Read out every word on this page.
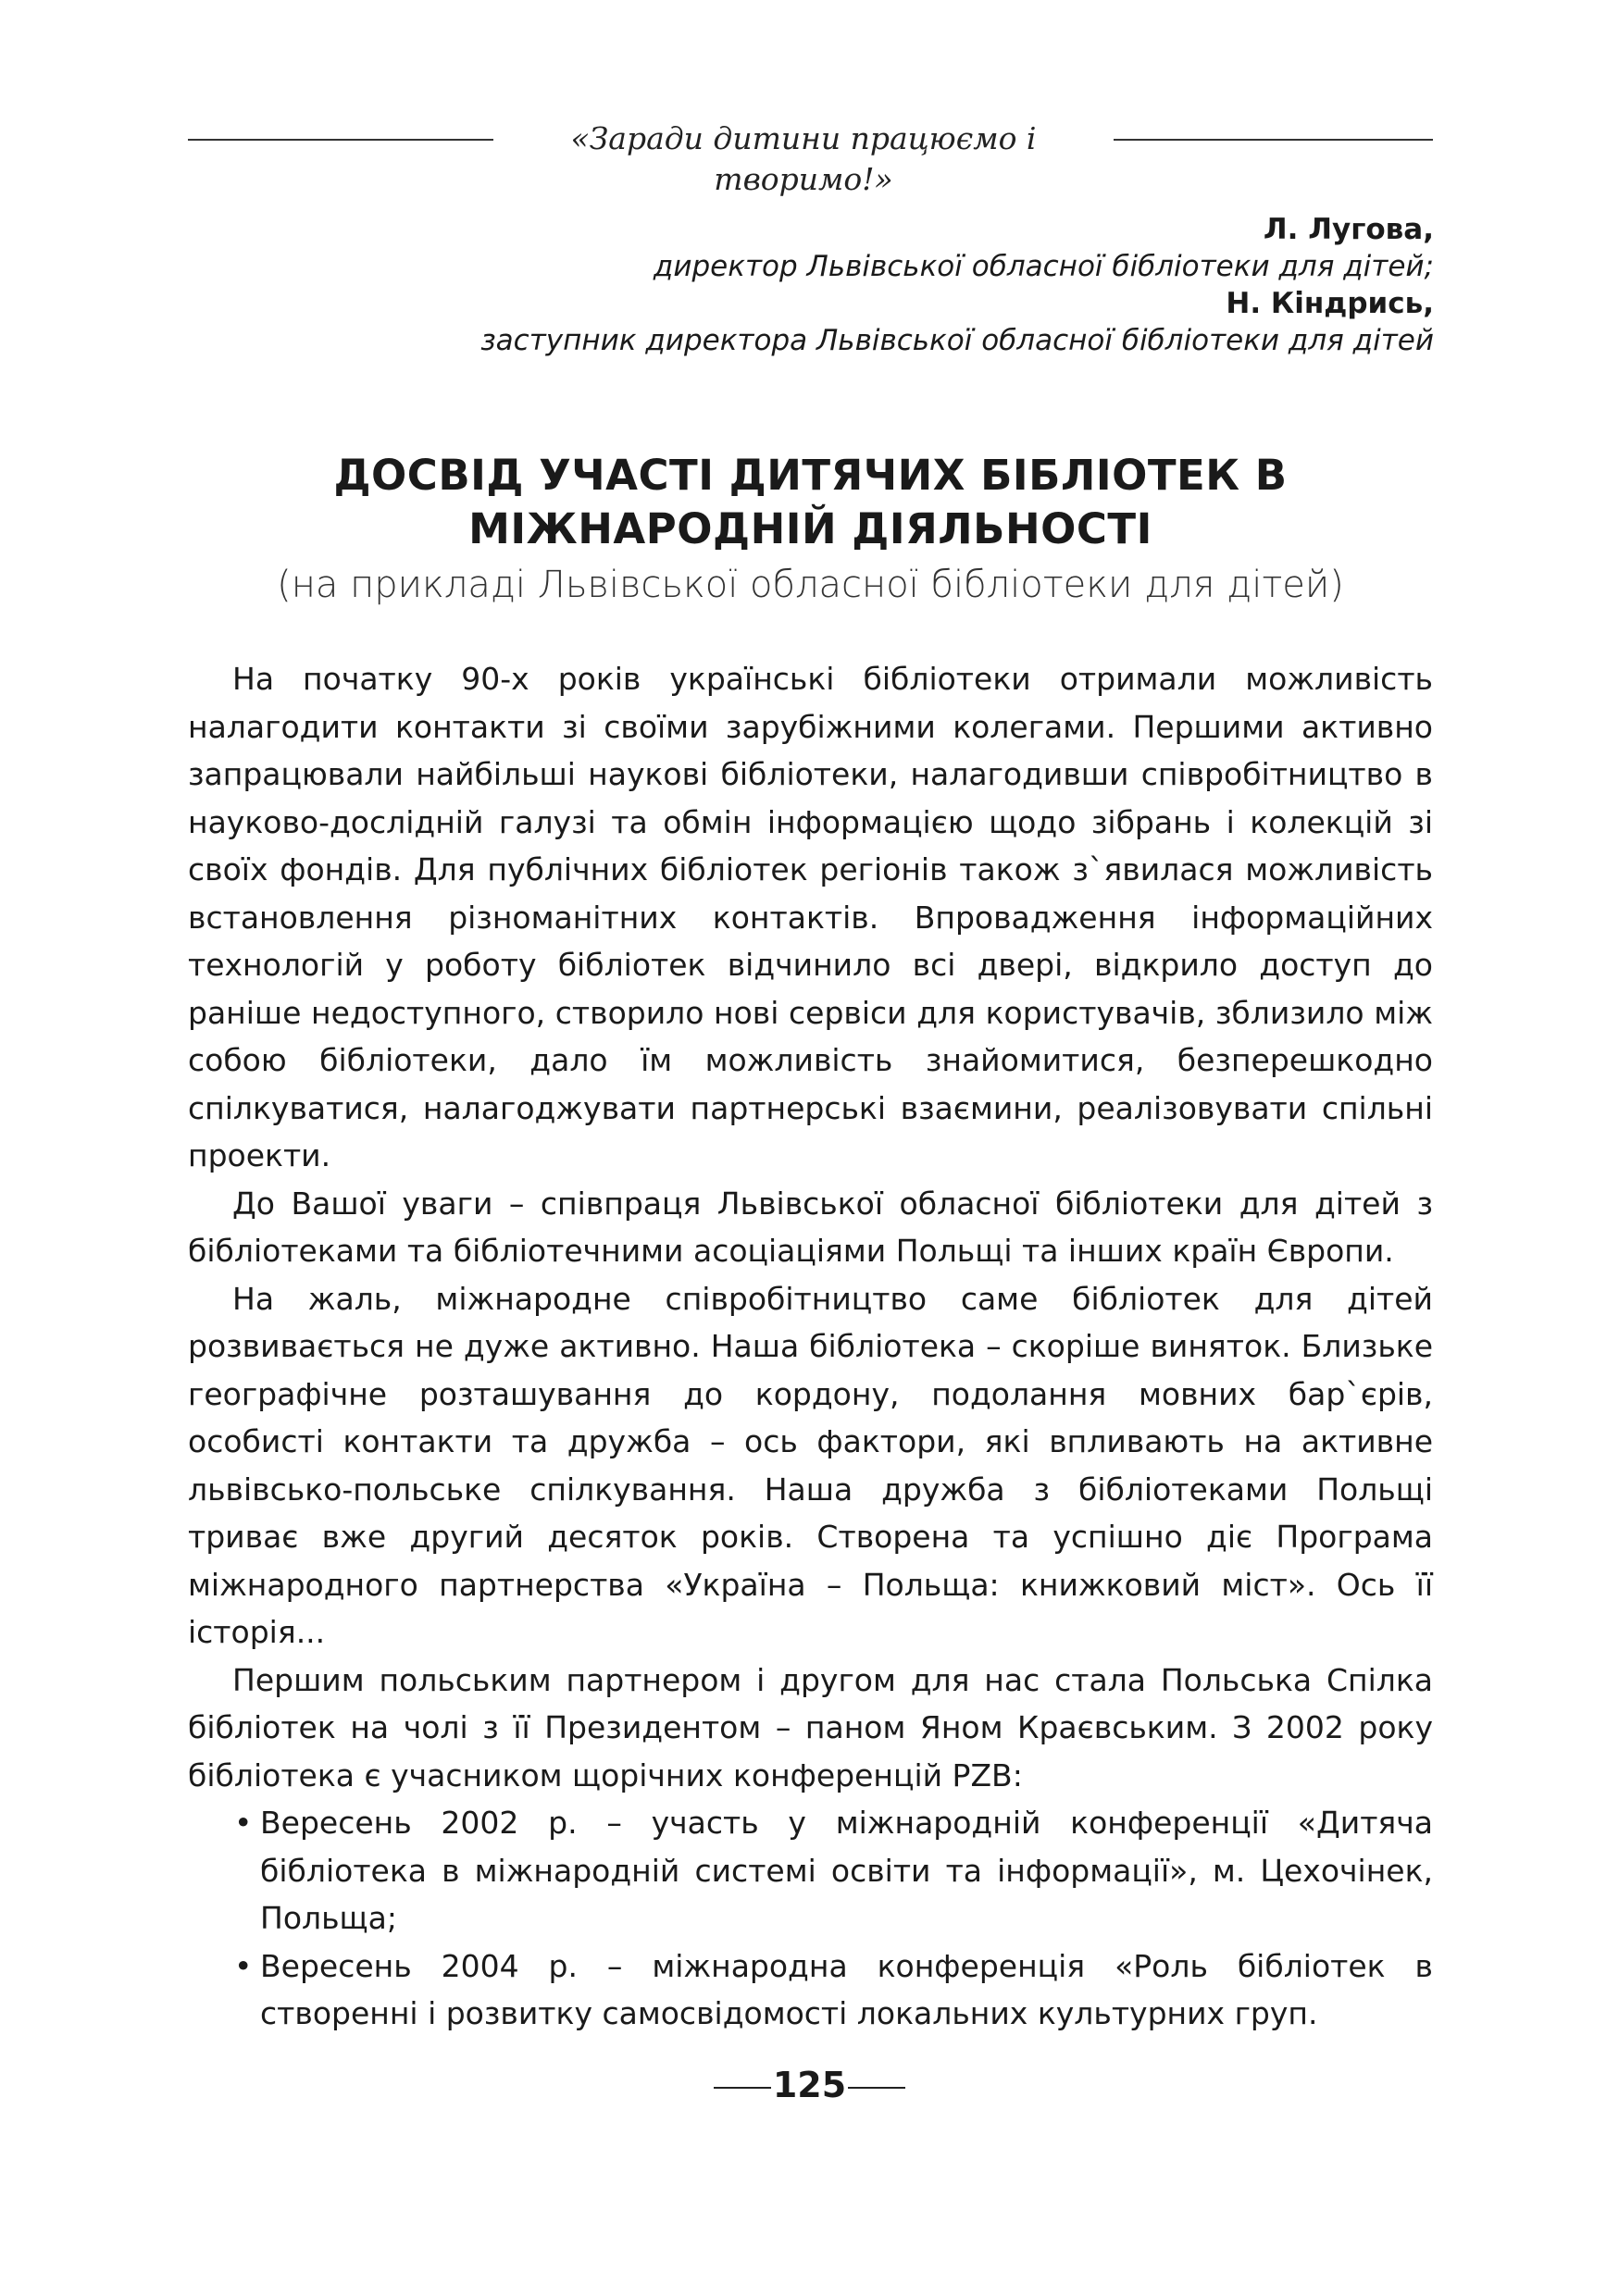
«Заради дитини працюємо і творимо!»
Л. Лугова,
директор Львівської обласної бібліотеки для дітей;
Н. Кіндрись,
заступник директора Львівської обласної бібліотеки для дітей
ДОСВІД УЧАСТІ ДИТЯЧИХ БІБЛІОТЕК В МІЖНАРОДНІЙ ДІЯЛЬНОСТІ
(на прикладі Львівської обласної бібліотеки для дітей)

На початку 90-х років українські бібліотеки отримали можливість налагодити контакти зі своїми зарубіжними колегами. Першими активно запрацювали найбільші наукові бібліотеки, налагодивши співробітництво в науково-дослідній галузі та обмін інформацією щодо зібрань і колекцій зі своїх фондів. Для публічних бібліотек регіонів також з`явилася можливість встановлення різноманітних контактів. Впровадження інформаційних технологій у роботу бібліотек відчинило всі двері, відкрило доступ до раніше недоступного, створило нові сервіси для користувачів, зблизило між собою бібліотеки, дало їм можливість знайомитися, безперешкодно спілкуватися, налагоджувати партнерські взаємини, реалізовувати спільні проекти.

До Вашої уваги – співпраця Львівської обласної бібліотеки для дітей з бібліотеками та бібліотечними асоціаціями Польщі та інших країн Європи.

На жаль, міжнародне співробітництво саме бібліотек для дітей розвивається не дуже активно. Наша бібліотека – скоріше виняток. Близьке географічне розташування до кордону, подолання мовних бар`єрів, особисті контакти та дружба – ось фактори, які впливають на активне львівсько-польське спілкування. Наша дружба з бібліотеками Польщі триває вже другий десяток років. Створена та успішно діє Програма міжнародного партнерства «Україна – Польща: книжковий міст». Ось її історія...

Першим польським партнером і другом для нас стала Польська Спілка бібліотек на чолі з її Президентом – паном Яном Краєвським. З 2002 року бібліотека є учасником щорічних конференцій PZB:

• Вересень 2002 р. – участь у міжнародній конференції «Дитяча бібліотека в міжнародній системі освіти та інформації», м. Цехочінек, Польща;
• Вересень 2004 р. – міжнародна конференція «Роль бібліотек в створенні і розвитку самосвідомості локальних культурних груп.
125
